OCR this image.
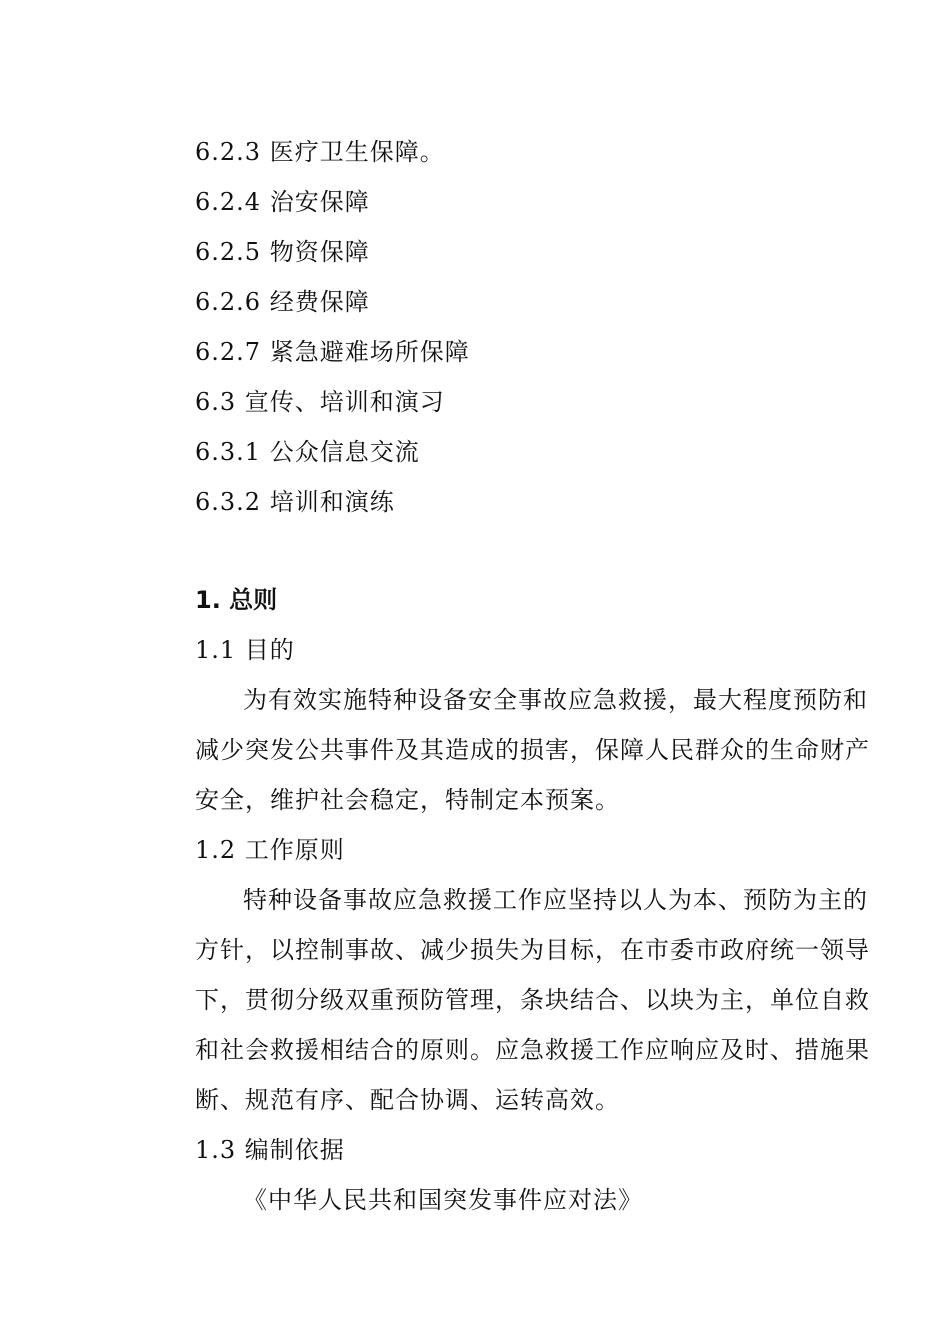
6.2.3 医疗卫生保障。
6.2.4 治安保障
6.2.5 物资保障
6.2.6 经费保障
6.2.7 紧急避难场所保障
6.3 宣传、培训和演习
6.3.1 公众信息交流
6.3.2 培训和演练
1. 总则
1.1 目的
为有效实施特种设备安全事故应急救援，最大程度预防和
减少突发公共事件及其造成的损害，保障人民群众的生命财产
安全，维护社会稳定，特制定本预案。
1.2 工作原则
特种设备事故应急救援工作应坚持以人为本、预防为主的
方针，以控制事故、减少损失为目标，在市委市政府统一领导
下，贯彻分级双重预防管理，条块结合、以块为主，单位自救
和社会救援相结合的原则。应急救援工作应响应及时、措施果
断、规范有序、配合协调、运转高效。
1.3 编制依据
《中华人民共和国突发事件应对法》
